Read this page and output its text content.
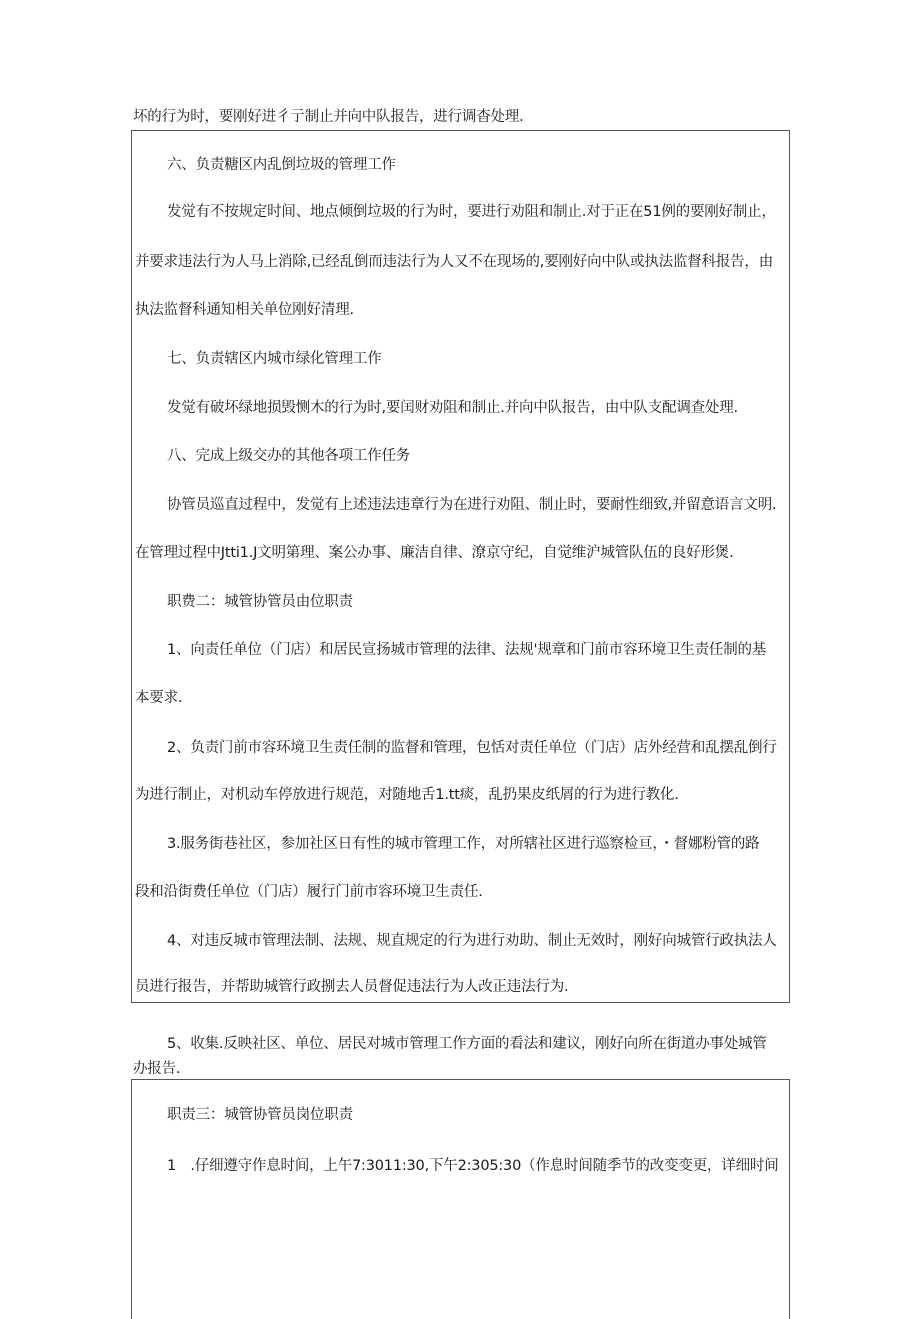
坏的行为时，要刚好进彳亍制止并向中队报告，进行调杳处理.
六、负责糖区内乱倒垃圾的管理工作
发觉有不按规定时间、地点倾倒垃圾的行为时，要进行劝阻和制止.对于正在51例的要刚好制止，
并要求违法行为人马上消除,已经乱倒而违法行为人又不在现场的,要刚好向中队或执法监督科报告，由
执法监督科通知相关单位刚好清理.
七、负责辖区内城市绿化管理工作
发觉有破坏绿地损毁恻木的行为时,要闰财劝阻和制止.并向中队报告，由中队支配调查处理.
八、完成上级交办的其他各项工作任务
协管员巡直过程中，发觉有上述违法违章行为在进行劝阻、制止时，要耐性细致,并留意语言文明.
在管理过程中Jtti1.J文明第理、案公办事、廉洁自律、潦京守纪，自觉维沪城管队伍的良好形煲.
职费二：城管协管员由位职责
1、向责任单位（门店）和居民宣扬城市管理的法律、法规'规章和门前市容环境卫生责任制的基
本要求.
2、负责门前市容环境卫生责任制的监督和管理，包恬对责任单位（门店）店外经营和乱摆乱倒行
为进行制止，对机动车停放进行规范，对随地舌1.tt痰，乱扔果皮纸屑的行为进行教化.
3.服务街巷社区，参加社区日有性的城市管理工作，对所辖社区进行巡察检亘，・督娜粉管的路
段和沿街费任单位（门店）履行门前市容环境卫生责任.
4、对违反城市管理法制、法规、规直规定的行为进行劝助、制止无效时，刚好向城管行政执法人
员进行报告，并帮助城管行政捌去人员督促违法行为人改正违法行为.
5、收集.反映社区、单位、居民对城市管理工作方面的看法和建议，刚好向所在街道办事处城管
办报告.
职责三：城管协管员岗位职责
1　.仔细遵守作息时间，上午7:3011:30,下午2:305:30（作息时间随季节的改变变更，详细时间
